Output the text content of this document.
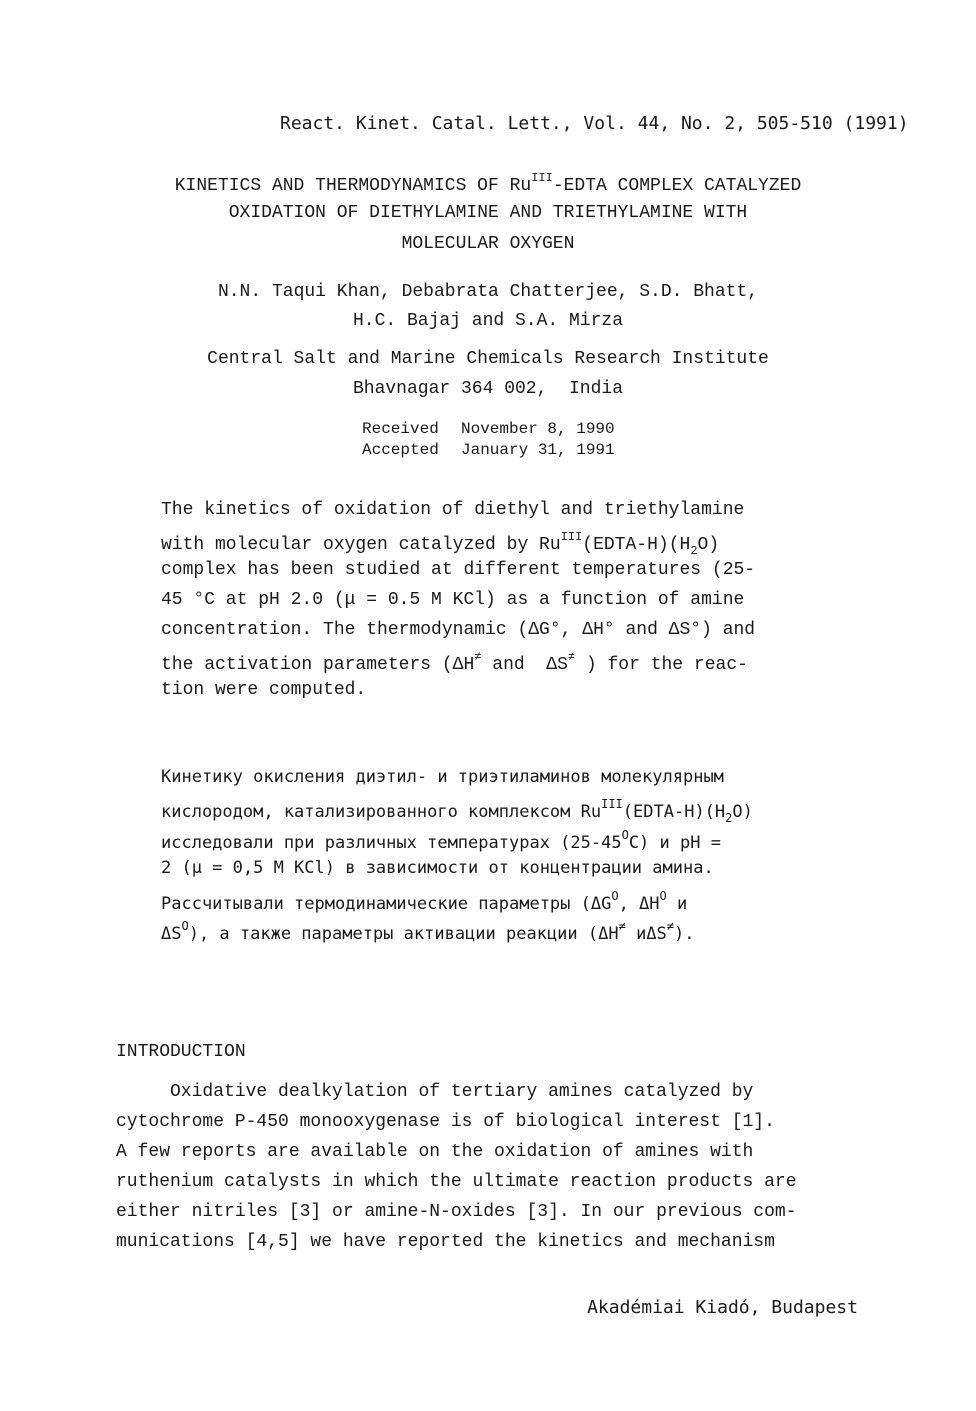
React. Kinet. Catal. Lett., Vol. 44, No. 2, 505-510 (1991)

KINETICS AND THERMODYNAMICS OF $Ru^{III}$-EDTA COMPLEX CATALYZED

OXIDATION OF DIETHYLAMINE AND TRIETHYLAMINE WITH

MOLECULAR OXYGEN

N.N. Taqui Khan, Debabrata Chatterjee, S.D. Bhatt,

H.C. Bajaj and S.A. Mirza

Central Salt and Marine Chemicals Research Institute

Bhavnagar 364 002,  India

Received November 8, 1990

Accepted January 31, 1991

The kinetics of oxidation of diethyl and triethylamine

with molecular oxygen catalyzed by $Ru^{III}(EDTA-H)(H_2O)$

complex has been studied at different temperatures (25-

45 °C at pH 2.0 (μ = 0.5 M KCl) as a function of amine

concentration. The thermodynamic (ΔG°, ΔH° and ΔS°) and

the activation parameters (ΔH≠ and  ΔS≠ ) for the reac-

tion were computed.

Кинетику окисления диэтил- и триэтиламинов молекулярным

кислородом, катализированного комплексом $Ru^{III}(EDTA-H)(H_2O)$

исследовали при различных температурах $(25-45^OC)$ и pH =

2 (μ = 0,5 M KCl) в зависимости от концентрации амина.

Рассчитывали термодинамические параметры ($\Delta G^O$, $\Delta H^O$ и

$\Delta S^O$), а также параметры активации реакции (ΔH≠ иΔS≠).

INTRODUCTION

Oxidative dealkylation of tertiary amines catalyzed by

cytochrome P-450 monooxygenase is of biological interest [1].

A few reports are available on the oxidation of amines with

ruthenium catalysts in which the ultimate reaction products are

either nitriles [3] or amine-N-oxides [3]. In our previous com-

munications [4,5] we have reported the kinetics and mechanism

Akadémiai Kiadó, Budapest
